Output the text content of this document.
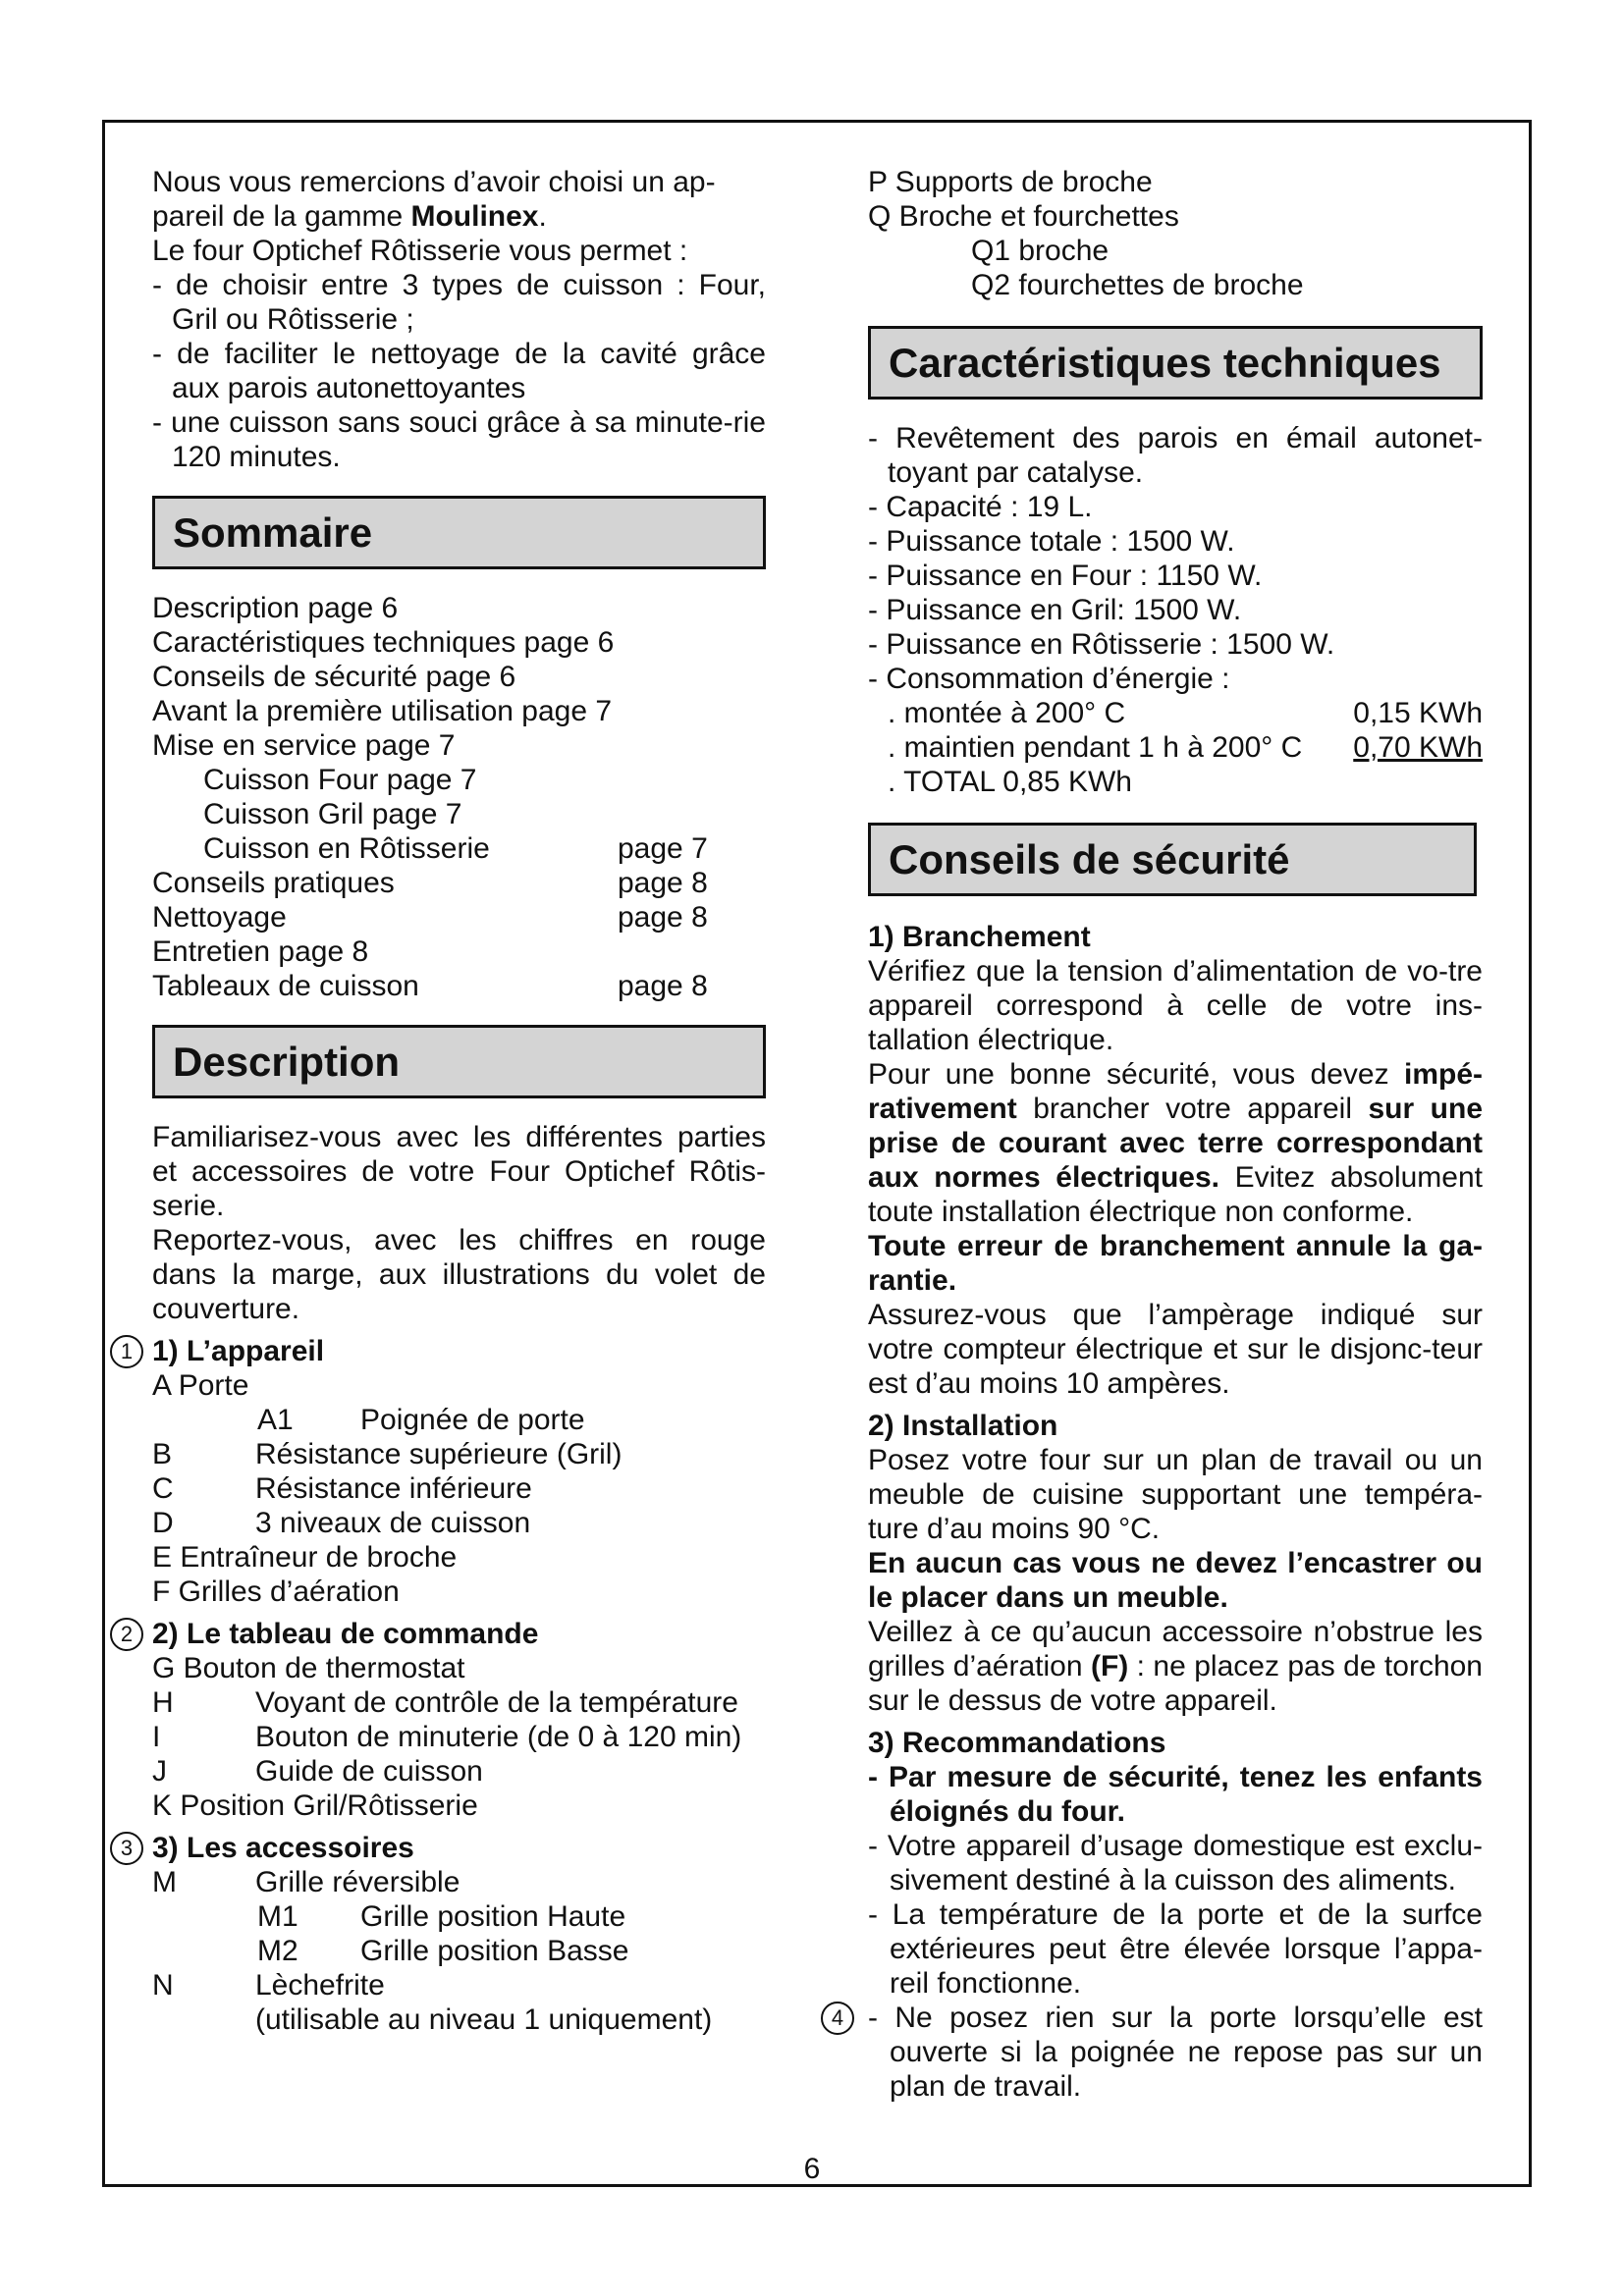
Nous vous remercions d’avoir choisi un ap-

pareil de la gamme Moulinex.

Le four Optichef Rôtisserie vous permet :

- de choisir entre 3 types de cuisson : Four, Gril ou Rôtisserie ;

- de faciliter le nettoyage de la cavité grâce aux parois autonettoyantes

- une cuisson sans souci grâce à sa minute-rie 120 minutes.

Sommaire
Description page 6
Caractéristiques techniques page 6
Conseils de sécurité page 6
Avant la première utilisation page 7
Mise en service page 7
Cuisson Four page 7
Cuisson Gril page 7
Cuisson en Rôtisserie	page 7
Conseils pratiques	page 8
Nettoyage	page 8
Entretien page 8
Tableaux de cuisson	page 8
Description

Familiarisez-vous avec les différentes parties et accessoires de votre Four Optichef Rôtis-serie.

Reportez-vous, avec les chiffres en rouge dans la marge, aux illustrations du volet de couverture.

1 1) L’appareil

A Porte

A1 Poignée de porte
B	Résistance supérieure (Gril)
C	Résistance inférieure
D	3 niveaux de cuisson

E Entraîneur de broche

F Grilles d’aération

2 2) Le tableau de commande

G Bouton de thermostat

H	Voyant de contrôle de la température
I	Bouton de minuterie (de 0 à 120 min)
J	Guide de cuisson

K Position Gril/Rôtisserie

3 3) Les accessoires

M	Grille réversible
M1 Grille position Haute
M2 Grille position Basse
N	Lèchefrite

(utilisable au niveau 1 uniquement)

P Supports de broche

Q Broche et fourchettes

Q1 broche

Q2 fourchettes de broche

Caractéristiques techniques

- Revêtement des parois en émail autonet-toyant par catalyse.

- Capacité : 19 L.

- Puissance totale : 1500 W.

- Puissance en Four : 1150 W.

- Puissance en Gril: 1500 W.

- Puissance en Rôtisserie : 1500 W.

- Consommation d’énergie :

. montée à 200° C	0,15 KWh
. maintien pendant 1 h à 200° C 0,70 KWh

. TOTAL 0,85 KWh

Conseils de sécurité

1) Branchement

Vérifiez que la tension d’alimentation de vo-tre appareil correspond à celle de votre ins-tallation électrique.

Pour une bonne sécurité, vous devez impé-rativement brancher votre appareil sur une prise de courant avec terre correspondant aux normes électriques. Evitez absolument toute installation électrique non conforme.

Toute erreur de branchement annule la ga-rantie.

Assurez-vous que l’ampèrage indiqué sur votre compteur électrique et sur le disjonc-teur est d’au moins 10 ampères.

2) Installation

Posez votre four sur un plan de travail ou un meuble de cuisine supportant une tempéra-ture d’au moins 90 °C.

En aucun cas vous ne devez l’encastrer ou le placer dans un meuble.

Veillez à ce qu’aucun accessoire n’obstrue les grilles d’aération (F) : ne placez pas de torchon sur le dessus de votre appareil.

3) Recommandations

- Par mesure de sécurité, tenez les enfants éloignés du four.

- Votre appareil d’usage domestique est exclu-sivement destiné à la cuisson des aliments.

- La température de la porte et de la surfce extérieures peut être élevée lorsque l’appa-reil fonctionne.

4 - Ne posez rien sur la porte lorsqu’elle est ouverte si la poignée ne repose pas sur un plan de travail.

6
